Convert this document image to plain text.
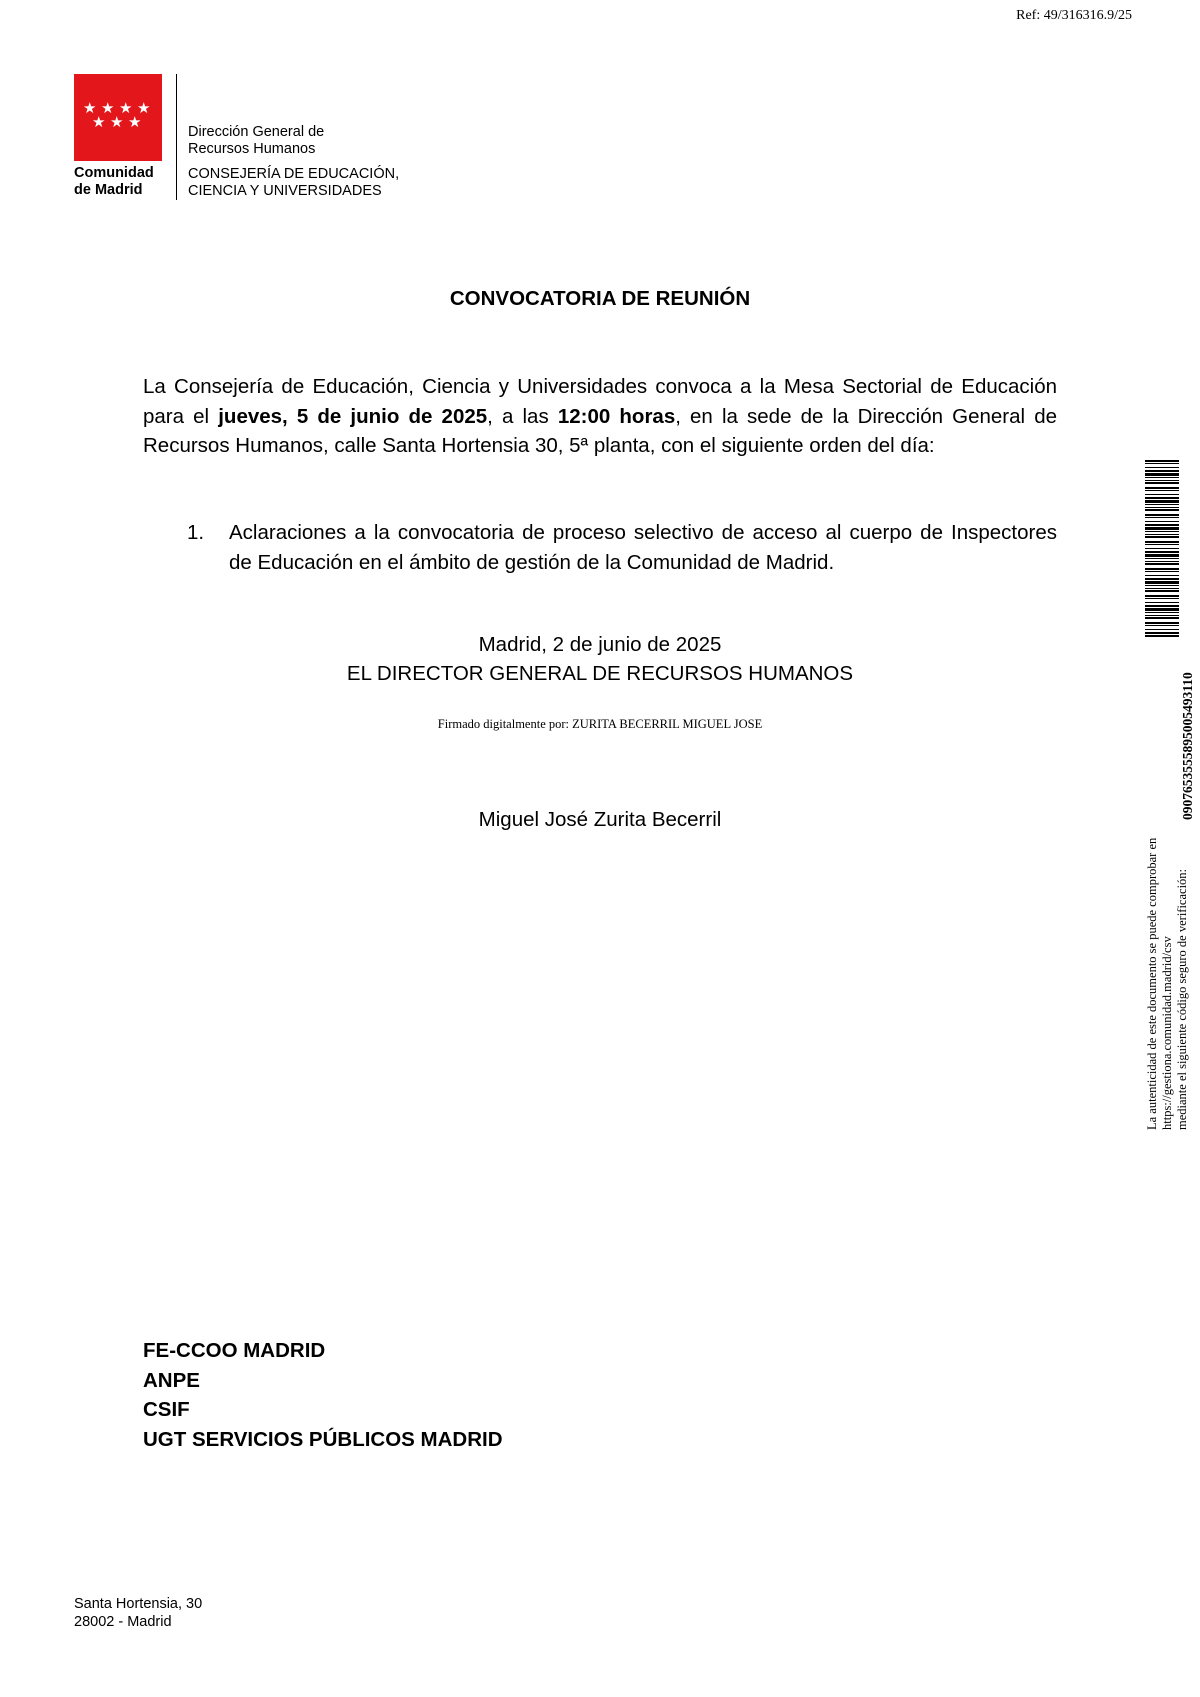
Ref: 49/316316.9/25
★ ★ ★ ★
★ ★ ★
Comunidad
de Madrid
Dirección General de
Recursos Humanos
CONSEJERÍA DE EDUCACIÓN,
CIENCIA Y UNIVERSIDADES
CONVOCATORIA DE REUNIÓN
La Consejería de Educación, Ciencia y Universidades convoca a la Mesa Sectorial de Educación para el jueves, 5 de junio de 2025, a las 12:00 horas, en la sede de la Dirección General de Recursos Humanos, calle Santa Hortensia 30, 5ª planta, con el siguiente orden del día:
1. Aclaraciones a la convocatoria de proceso selectivo de acceso al cuerpo de Inspectores de Educación en el ámbito de gestión de la Comunidad de Madrid.
Madrid, 2 de junio de 2025
EL DIRECTOR GENERAL DE RECURSOS HUMANOS
Firmado digitalmente por: ZURITA BECERRIL MIGUEL JOSE
Miguel José Zurita Becerril
FE-CCOO MADRID
ANPE
CSIF
UGT SERVICIOS PÚBLICOS MADRID
Santa Hortensia, 30
28002 - Madrid
La autenticidad de este documento se puede comprobar en https://gestiona.comunidad.madrid/csv mediante el siguiente código seguro de verificación:
0907653555895005493110
